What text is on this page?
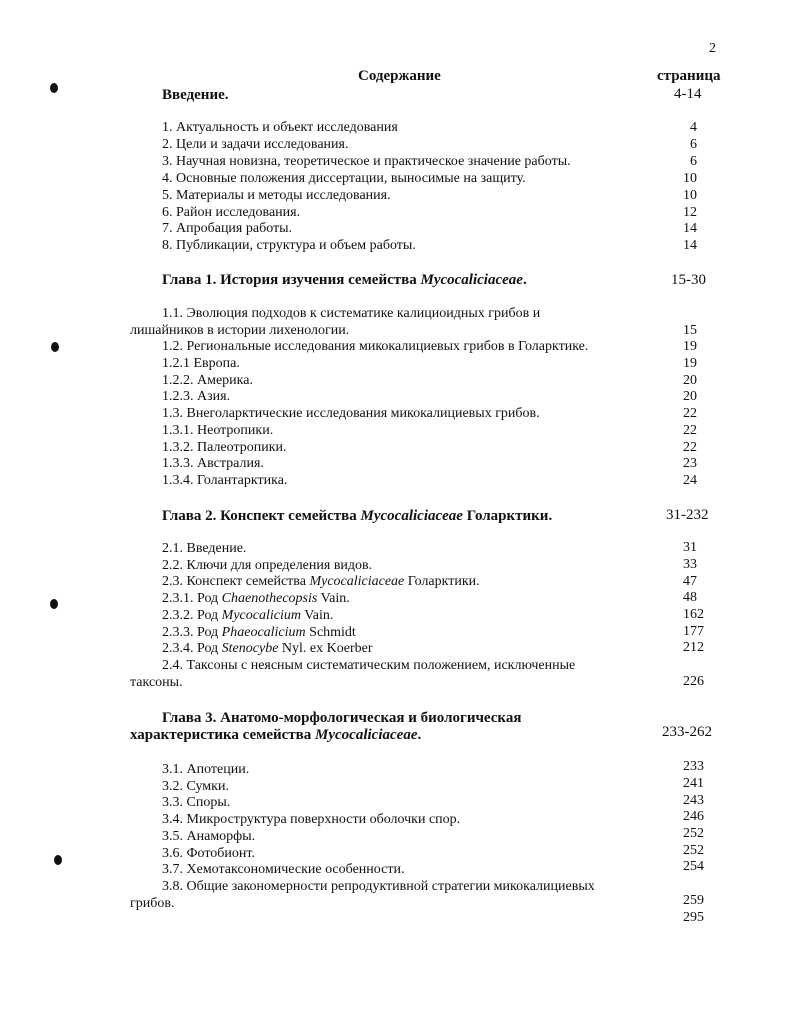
2
Содержание	страница
Введение.	4-14
1. Актуальность и объект исследования	4
2. Цели и задачи исследования.	6
3. Научная новизна, теоретическое и практическое значение работы.	6
4. Основные положения диссертации, выносимые на защиту.	10
5. Материалы и методы исследования.	10
6. Район исследования.	12
7. Апробация работы.	14
8. Публикации, структура и объем работы.	14
Глава 1. История изучения семейства Mycocaliciaceae.	15-30
1.1. Эволюция подходов к систематике калициоидных грибов и
лишайников в истории лихенологии.	15
1.2. Региональные исследования микокалициевых грибов в Голарктике.	19
1.2.1 Европа.	19
1.2.2. Америка.	20
1.2.3. Азия.	20
1.3. Внеголарктические исследования микокалициевых грибов.	22
1.3.1. Неотропики.	22
1.3.2. Палеотропики.	22
1.3.3. Австралия.	23
1.3.4. Голантарктика.	24
Глава 2. Конспект семейства Mycocaliciaceae Голарктики.	31-232
2.1. Введение.	31
2.2. Ключи для определения видов.	33
2.3. Конспект семейства Mycocaliciaceae Голарктики.	47
2.3.1. Род Chaenothecopsis Vain.	48
2.3.2. Род Mycocalicium Vain.	162
2.3.3. Род Phaeocalicium Schmidt	177
2.3.4. Род Stenocybe Nyl. ex Koerber	212
2.4. Таксоны с неясным систематическим положением, исключенные
таксоны.	226
Глава 3. Анатомо-морфологическая и биологическая
характеристика семейства Mycocaliciaceae.	233-262
3.1. Апотеции.	233
3.2. Сумки.	241
3.3. Споры.	243
3.4. Микроструктура поверхности оболочки спор.	246
3.5. Анаморфы.	252
3.6. Фотобионт.	252
3.7. Хемотаксономические особенности.	254
3.8. Общие закономерности репродуктивной стратегии микокалициевых
грибов.	259
295
